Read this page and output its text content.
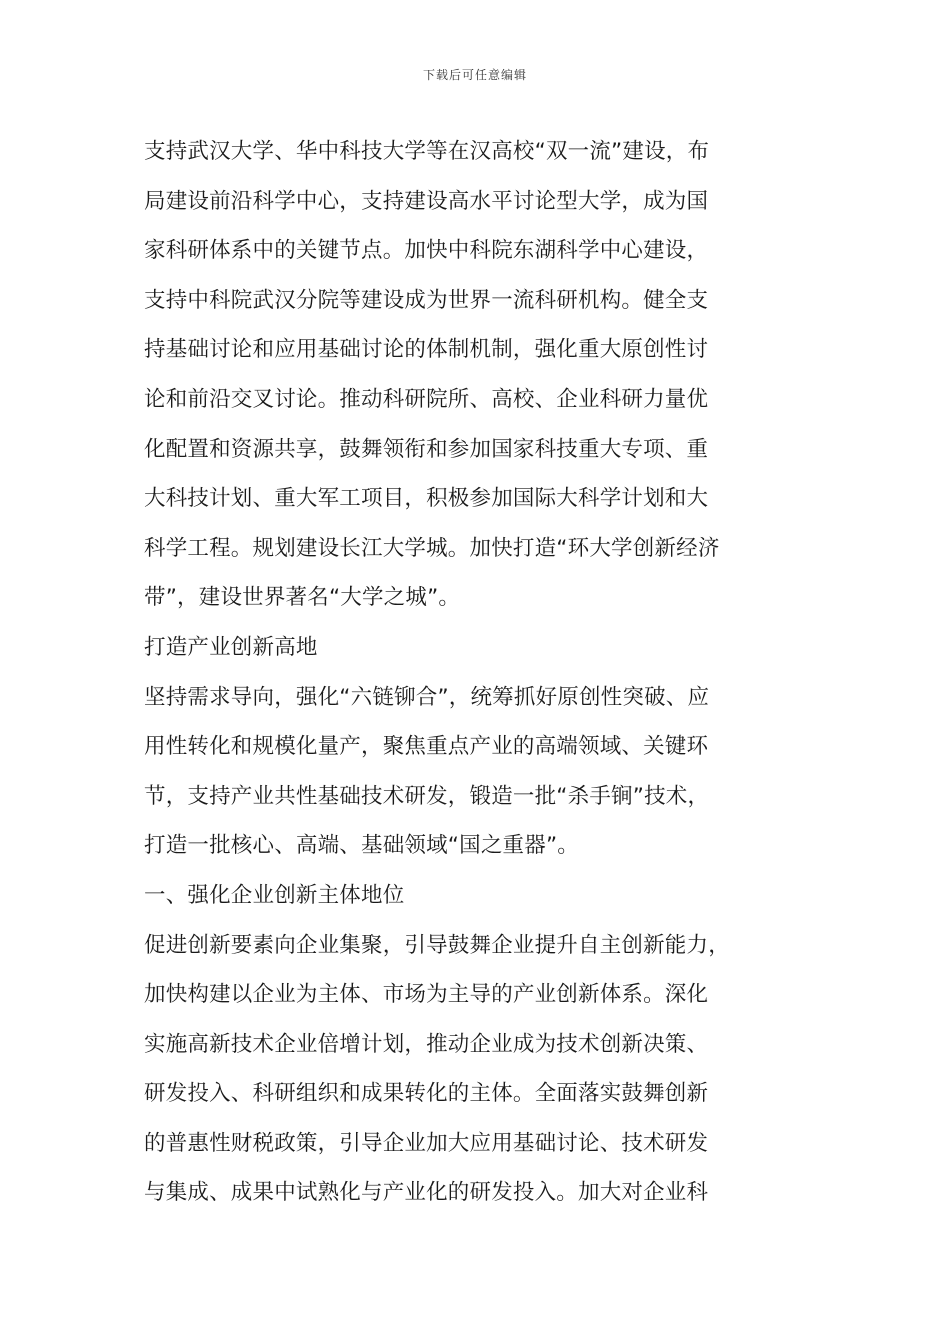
下载后可任意编辑
支持武汉大学、华中科技大学等在汉高校“双一流”建设，布
局建设前沿科学中心，支持建设高水平讨论型大学，成为国
家科研体系中的关键节点。加快中科院东湖科学中心建设，
支持中科院武汉分院等建设成为世界一流科研机构。健全支
持基础讨论和应用基础讨论的体制机制，强化重大原创性讨
论和前沿交叉讨论。推动科研院所、高校、企业科研力量优
化配置和资源共享，鼓舞领衔和参加国家科技重大专项、重
大科技计划、重大军工项目，积极参加国际大科学计划和大
科学工程。规划建设长江大学城。加快打造“环大学创新经济
带”，建设世界著名“大学之城”。
打造产业创新高地
坚持需求导向，强化“六链铆合”，统筹抓好原创性突破、应
用性转化和规模化量产，聚焦重点产业的高端领域、关键环
节，支持产业共性基础技术研发，锻造一批“杀手锏”技术，
打造一批核心、高端、基础领域“国之重器”。
一、强化企业创新主体地位
促进创新要素向企业集聚，引导鼓舞企业提升自主创新能力，
加快构建以企业为主体、市场为主导的产业创新体系。深化
实施高新技术企业倍增计划，推动企业成为技术创新决策、
研发投入、科研组织和成果转化的主体。全面落实鼓舞创新
的普惠性财税政策，引导企业加大应用基础讨论、技术研发
与集成、成果中试熟化与产业化的研发投入。加大对企业科
